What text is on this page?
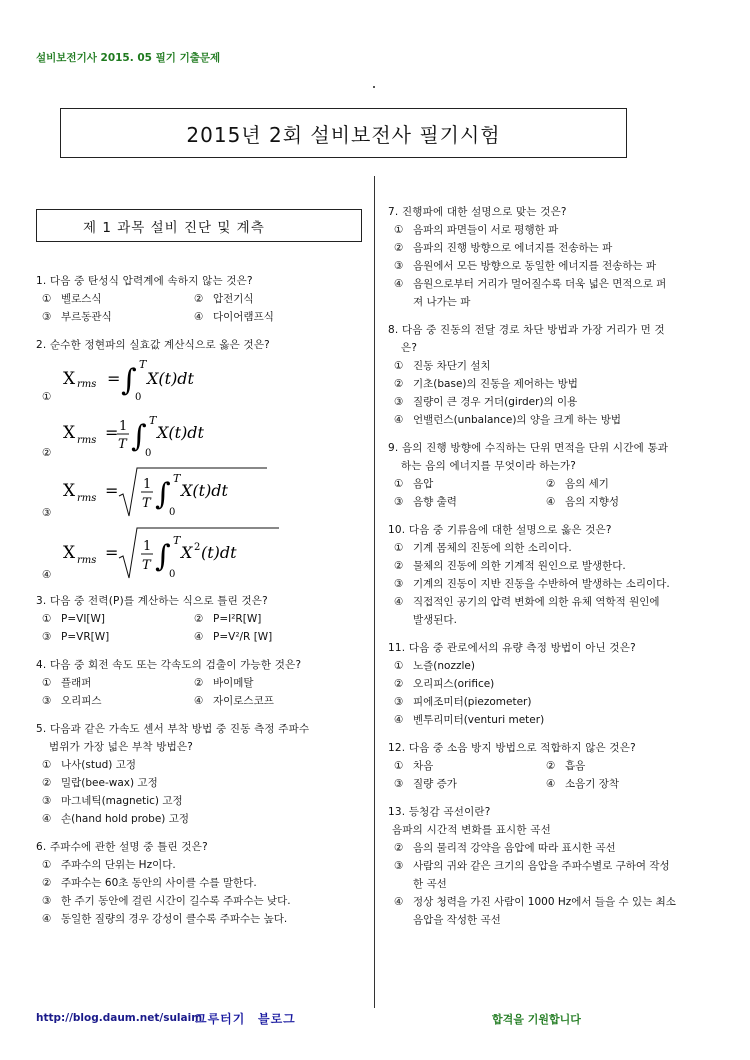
설비보전기사 2015. 05 필기 기출문제
2015년 2회 설비보전사 필기시험
제 1 과목 설비 진단 및 계측
1. 다음 중 탄성식 압력계에 속하지 않는 것은?
① 벨로스식	② 압전기식
③ 부르동관식	④ 다이어램프식
2. 순수한 정현파의 실효값 계산식으로 옳은 것은?
①
X rms = ∫ T
0
X(t)dt
②
X rms = 1
T ∫ T
0
X(t)dt
③
X rms = 1
T ∫ T
0
X(t)dt
④
X rms = 1
T ∫ T
0
X 2 (t)dt
3. 다음 중 전력(P)를 계산하는 식으로 틀린 것은?
① P=VI[W]	② P=I²R[W]
③ P=VR[W]	④ P=V²/R [W]
4. 다음 중 회전 속도 또는 각속도의 검출이 가능한 것은?
① 플래퍼	② 바이메탈
③ 오리피스	④ 자이로스코프
5. 다음과 같은 가속도 센서 부착 방법 중 진동 측정 주파수
범위가 가장 넓은 부착 방법은?
① 나사(stud) 고정
② 밀랍(bee-wax) 고정
③ 마그네틱(magnetic) 고정
④ 손(hand hold probe) 고정
6. 주파수에 관한 설명 중 틀린 것은?
① 주파수의 단위는 Hz이다.
② 주파수는 60초 동안의 사이클 수를 말한다.
③ 한 주기 동안에 걸린 시간이 길수록 주파수는 낮다.
④ 동일한 질량의 경우 강성이 클수록 주파수는 높다.
7. 진행파에 대한 설명으로 맞는 것은?
① 음파의 파면들이 서로 평행한 파
② 음파의 진행 방향으로 에너지를 전송하는 파
③ 음원에서 모든 방향으로 동일한 에너지를 전송하는 파
④ 음원으로부터 거리가 멀어질수록 더욱 넓은 면적으로 퍼
져 나가는 파
8. 다음 중 진동의 전달 경로 차단 방법과 가장 거리가 먼 것
은?
① 진동 차단기 설치
② 기초(base)의 진동을 제어하는 방법
③ 질량이 큰 경우 거더(girder)의 이용
④ 언밸런스(unbalance)의 양을 크게 하는 방법
9. 음의 진행 방향에 수직하는 단위 면적을 단위 시간에 통과
하는 음의 에너지를 무엇이라 하는가?
① 음압	② 음의 세기
③ 음향 출력	④ 음의 지향성
10. 다음 중 기류음에 대한 설명으로 옳은 것은?
① 기계 몸체의 진동에 의한 소리이다.
② 물체의 진동에 의한 기계적 원인으로 발생한다.
③ 기계의 진동이 지반 진동을 수반하여 발생하는 소리이다.
④ 직접적인 공기의 압력 변화에 의한 유체 역학적 원인에
발생된다.
11. 다음 중 관로에서의 유량 측정 방법이 아닌 것은?
① 노즐(nozzle)
② 오리피스(orifice)
③ 피에조미터(piezometer)
④ 벤투리미터(venturi meter)
12. 다음 중 소음 방지 방법으로 적합하지 않은 것은?
① 차음	② 흡음
③ 질량 증가	④ 소음기 장착
13. 등청감 곡선이란?
음파의 시간적 변화를 표시한 곡선
② 음의 물리적 강약을 음압에 따라 표시한 곡선
③ 사람의 귀와 같은 크기의 음압을 주파수별로 구하여 작성
한 곡선
④ 정상 청력을 가진 사람이 1000 Hz에서 들을 수 있는 최소
음압을 작성한 곡선
http://blog.daum.net/sulaim
그루터기 블로그	합격을 기원합니다
